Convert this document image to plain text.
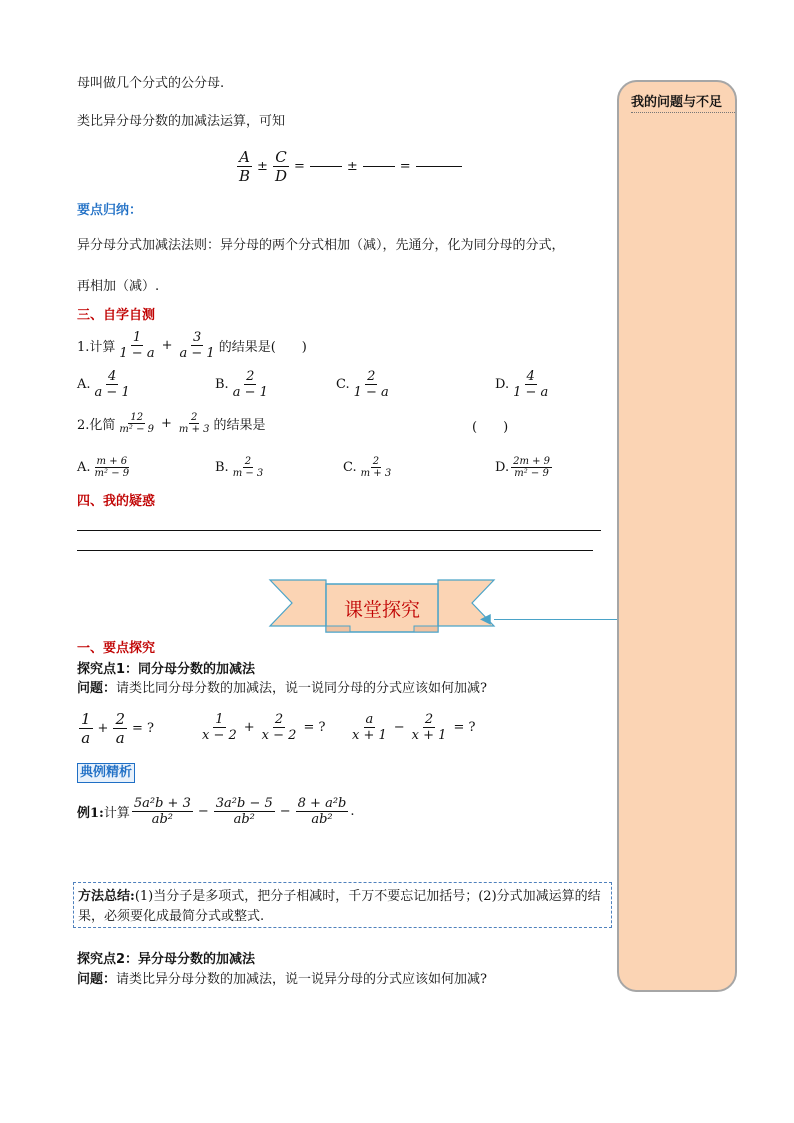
我的问题与不足
母叫做几个分式的公分母.
类比异分母分数的加减法运算，可知
$\frac{A}{B} \pm \frac{C}{D}$ =	±	=
要点归纳：
异分母分式加减法法则：异分母的两个分式相加（减），先通分，化为同分母的分式，
再相加（减）.
三、自学自测
1.计算 $\frac{1}{1 - a} + \frac{3}{a - 1}$ 的结果是(　　)
A. $\frac{4}{a - 1}$	B. $\frac{2}{a - 1}$	C. $\frac{2}{1 - a}$	D. $\frac{4}{1 - a}$
2.化简 $\frac{12}{\text{m² − 9}} + \frac{2}{m + 3}$ 的结果是	(　　)
A. $\frac{m + 6}{\text{m² − 9}}$	B. $\frac{2}{m - 3}$	C. $\frac{2}{m + 3}$	D. $\frac{2m + 9}{\text{m² − 9}}$
四、我的疑惑
课堂探究	◀
一、要点探究
探究点1：同分母分数的加减法
问题：请类比同分母分数的加减法，说一说同分母的分式应该如何加减?
$\frac{1}{a} + \frac{2}{a}$ = ?	$\frac{1}{x - 2} + \frac{2}{x - 2}$ = ? $\frac{a}{x + 1} - \frac{2}{x + 1}$ = ?
典例精析
例1: 计算 $\frac{\text{5a²b + 3}}{\text{ab²}} - \frac{\text{3a²b − 5}}{\text{ab²}} - \frac{\text{8 + a²b}}{\text{ab²}}$ .
方法总结:(1)当分子是多项式，把分子相减时，千万不要忘记加括号；(2)分式加减运算的结果，必须要化成最简分式或整式.
探究点2：异分母分数的加减法
问题：请类比异分母分数的加减法，说一说异分母的分式应该如何加减?
